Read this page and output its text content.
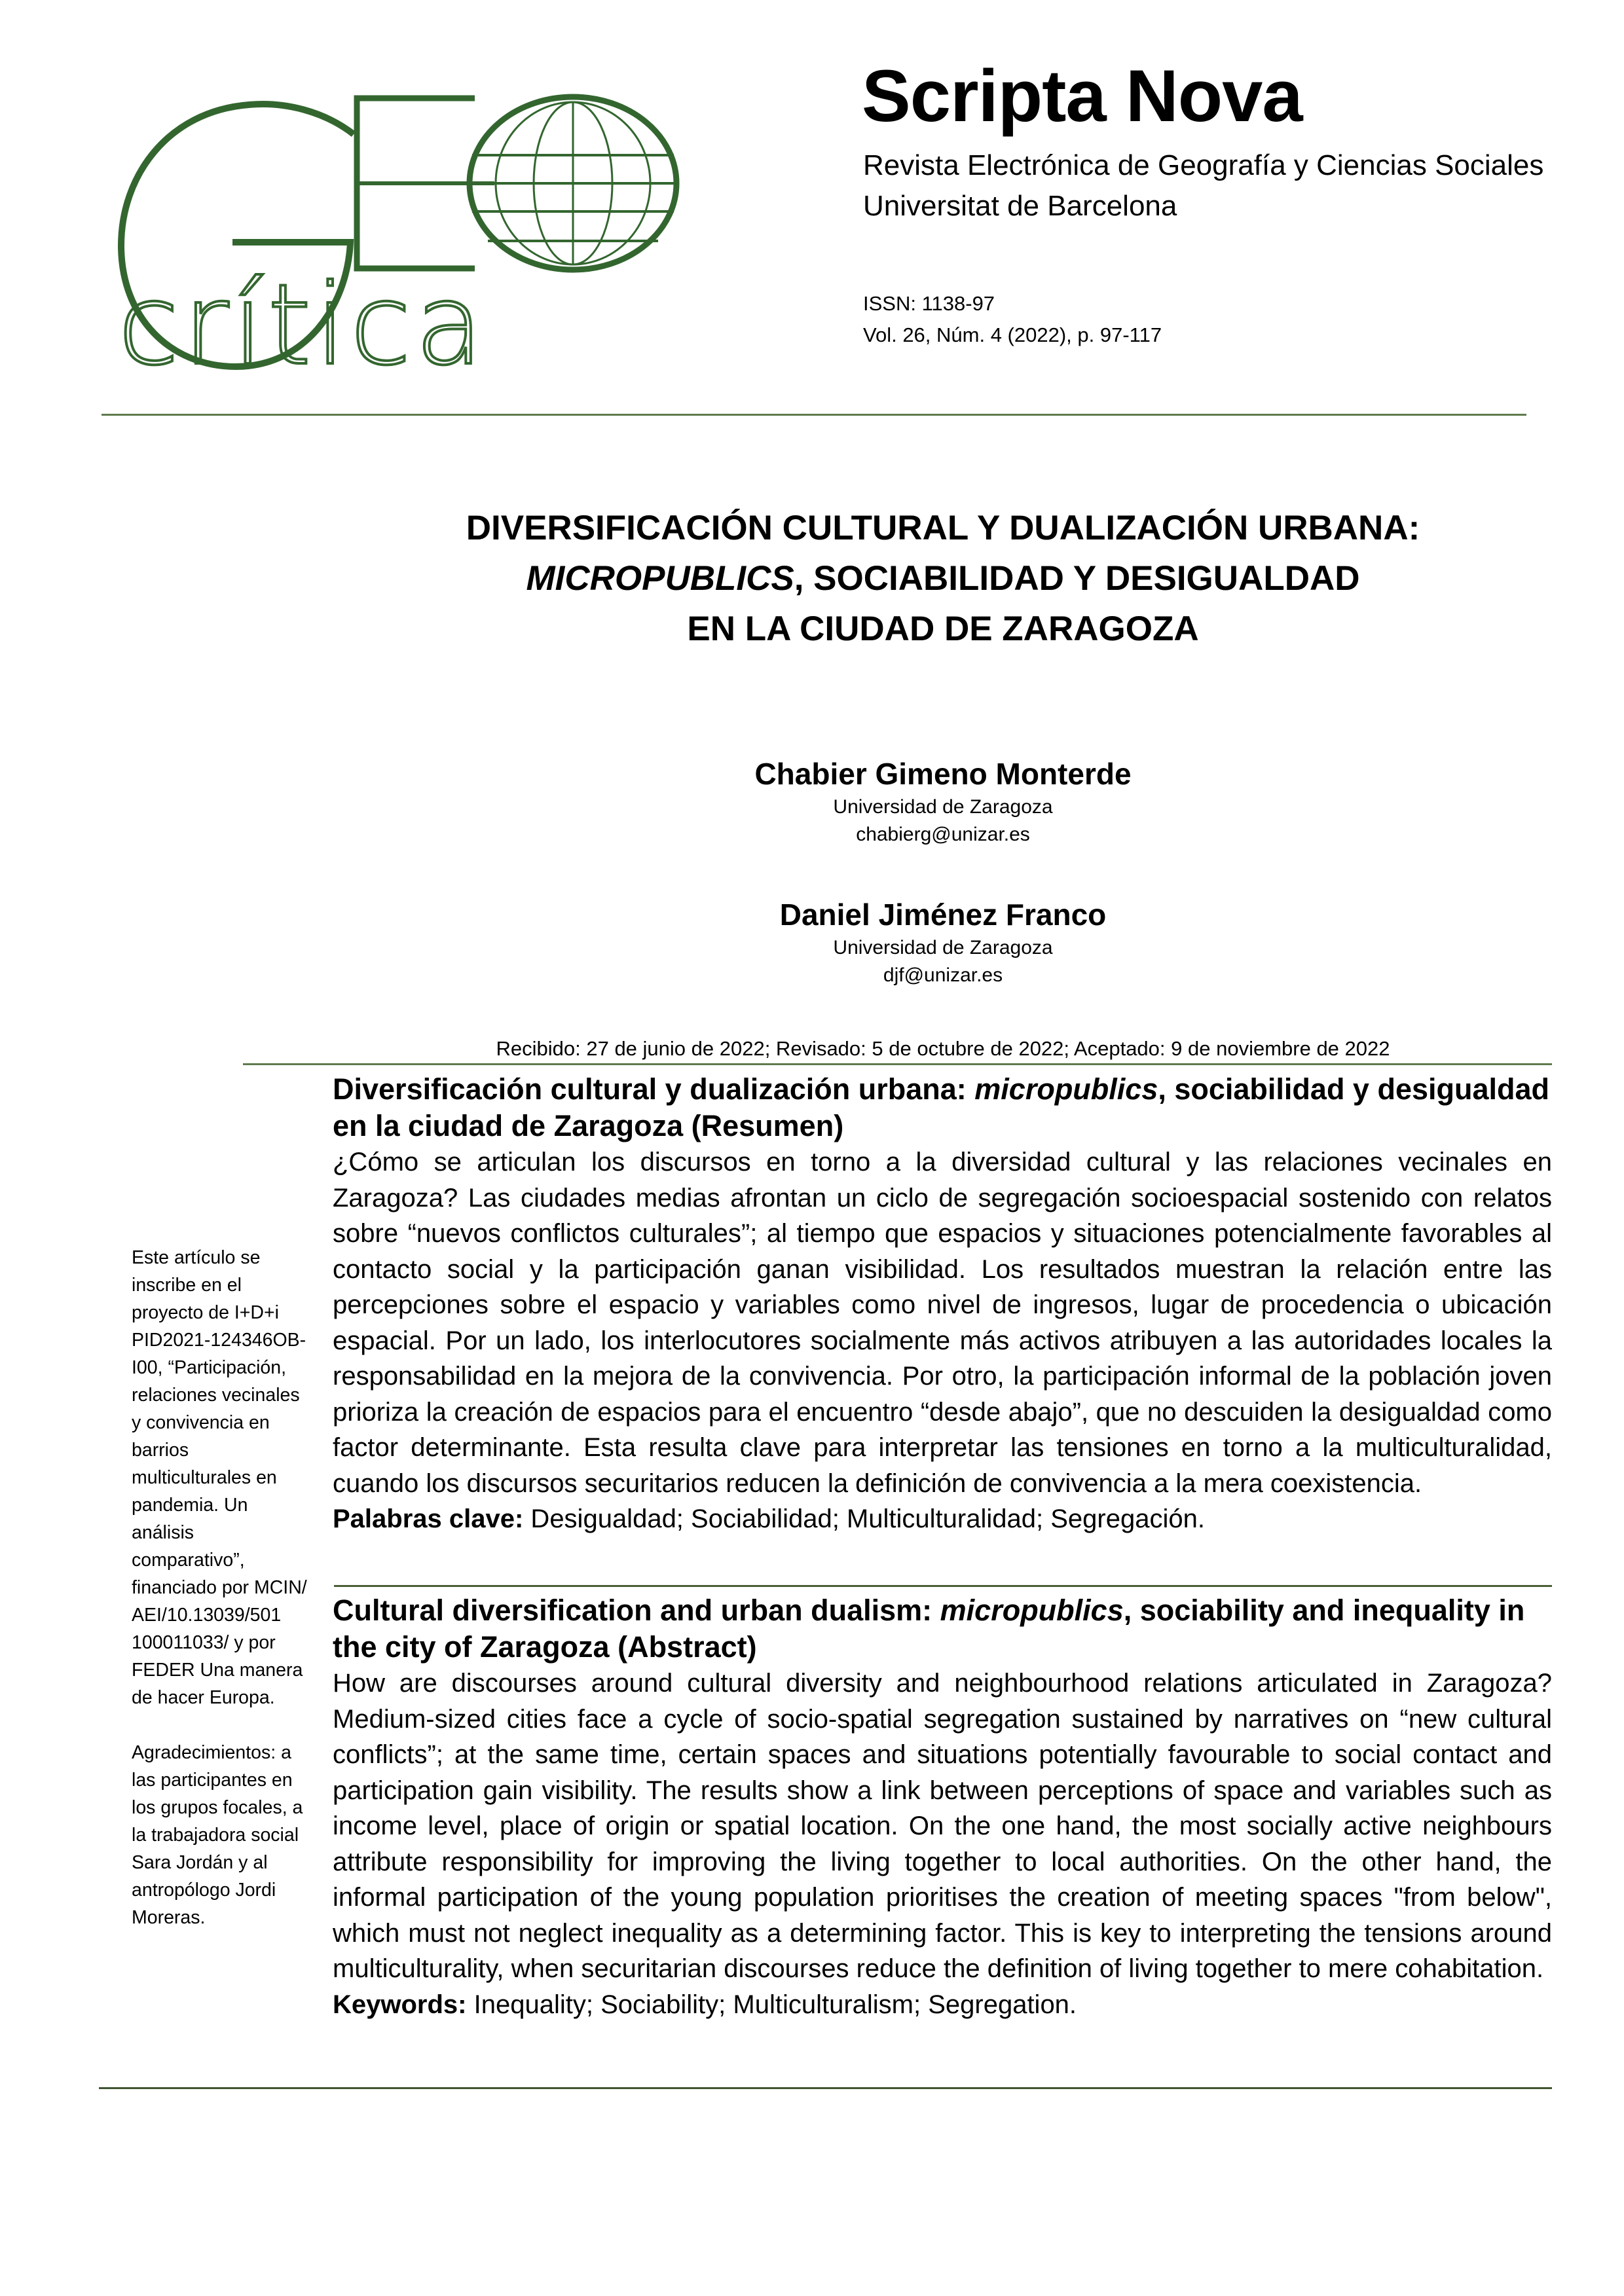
crítica
Scripta Nova
Revista Electrónica de Geografía y Ciencias Sociales
Universitat de Barcelona
ISSN: 1138-97
Vol. 26, Núm. 4 (2022), p. 97-117
DIVERSIFICACIÓN CULTURAL Y DUALIZACIÓN URBANA:
MICROPUBLICS, SOCIABILIDAD Y DESIGUALDAD
EN LA CIUDAD DE ZARAGOZA
Chabier Gimeno Monterde
Universidad de Zaragoza
chabierg@unizar.es
Daniel Jiménez Franco
Universidad de Zaragoza
djf@unizar.es
Recibido: 27 de junio de 2022; Revisado: 5 de octubre de 2022; Aceptado: 9 de noviembre de 2022

Este artículo se inscribe en el proyecto de I+D+i PID2021-124346OB-I00, “Participación, relaciones vecinales y convivencia en barrios multiculturales en pandemia. Un análisis comparativo”, financiado por MCIN/ AEI/10.13039/501 100011033/ y por FEDER Una manera de hacer Europa.

Agradecimientos: a las participantes en los grupos focales, a la trabajadora social Sara Jordán y al antropólogo Jordi Moreras.

Diversificación cultural y dualización urbana: micropublics, sociabilidad y desigualdad en la ciudad de Zaragoza (Resumen)

¿Cómo se articulan los discursos en torno a la diversidad cultural y las relaciones vecinales en Zaragoza? Las ciudades medias afrontan un ciclo de segregación socioespacial sostenido con relatos sobre “nuevos conflictos culturales”; al tiempo que espacios y situaciones potencialmente favorables al contacto social y la participación ganan visibilidad. Los resultados muestran la relación entre las percepciones sobre el espacio y variables como nivel de ingresos, lugar de procedencia o ubicación espacial. Por un lado, los interlocutores socialmente más activos atribuyen a las autoridades locales la responsabilidad en la mejora de la convivencia. Por otro, la participación informal de la población joven prioriza la creación de espacios para el encuentro “desde abajo”, que no descuiden la desigualdad como factor determinante. Esta resulta clave para interpretar las tensiones en torno a la multiculturalidad, cuando los discursos securitarios reducen la definición de convivencia a la mera coexistencia.

Palabras clave: Desigualdad; Sociabilidad; Multiculturalidad; Segregación.

Cultural diversification and urban dualism: micropublics, sociability and inequality in the city of Zaragoza (Abstract)

How are discourses around cultural diversity and neighbourhood relations articulated in Zaragoza? Medium-sized cities face a cycle of socio-spatial segregation sustained by narratives on “new cultural conflicts”; at the same time, certain spaces and situations potentially favourable to social contact and participation gain visibility. The results show a link between perceptions of space and variables such as income level, place of origin or spatial location. On the one hand, the most socially active neighbours attribute responsibility for improving the living together to local authorities. On the other hand, the informal participation of the young population prioritises the creation of meeting spaces "from below", which must not neglect inequality as a determining factor. This is key to interpreting the tensions around multiculturality, when securitarian discourses reduce the definition of living together to mere cohabitation.

Keywords: Inequality; Sociability; Multiculturalism; Segregation.
